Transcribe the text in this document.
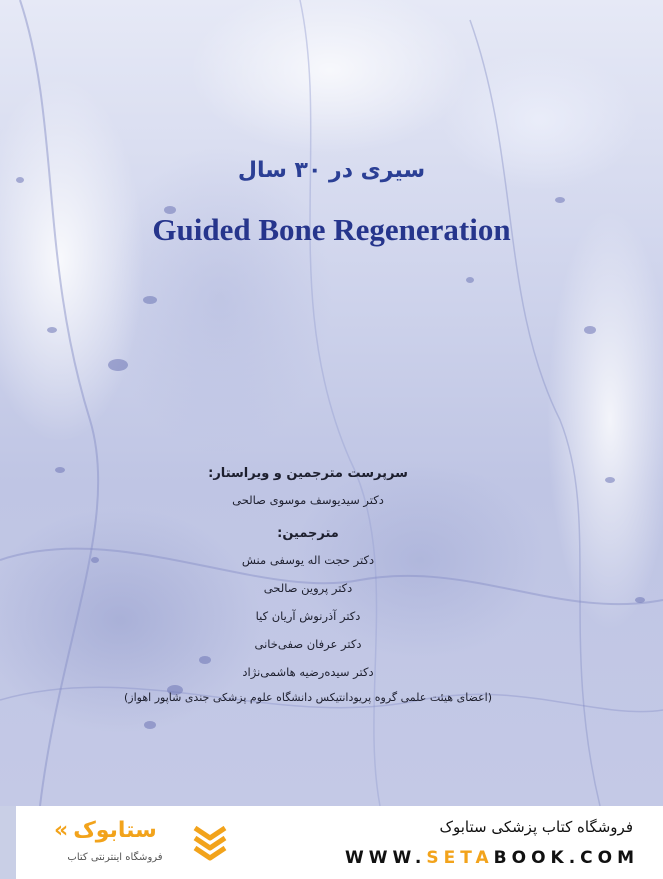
سیری در ۳۰ سال
Guided Bone Regeneration
سرپرست مترجمین و ویراستار:
دکتر سیدیوسف موسوی صالحی
مترجمین:
دکتر حجت اله یوسفی منش
دکتر پروین صالحی
دکتر آذرنوش آریان کیا
دکتر عرفان صفی‌خانی
دکتر سیده‌رضیه هاشمی‌نژاد
(اعضای هیئت علمی گروه پریودانتیکس دانشگاه علوم پزشکی جندی شاپور اهواز)
« ستابوک
فروشگاه اینترنتی کتاب
فروشگاه کتاب پزشکی ستابوک
WWW.SETABOOK.COM
